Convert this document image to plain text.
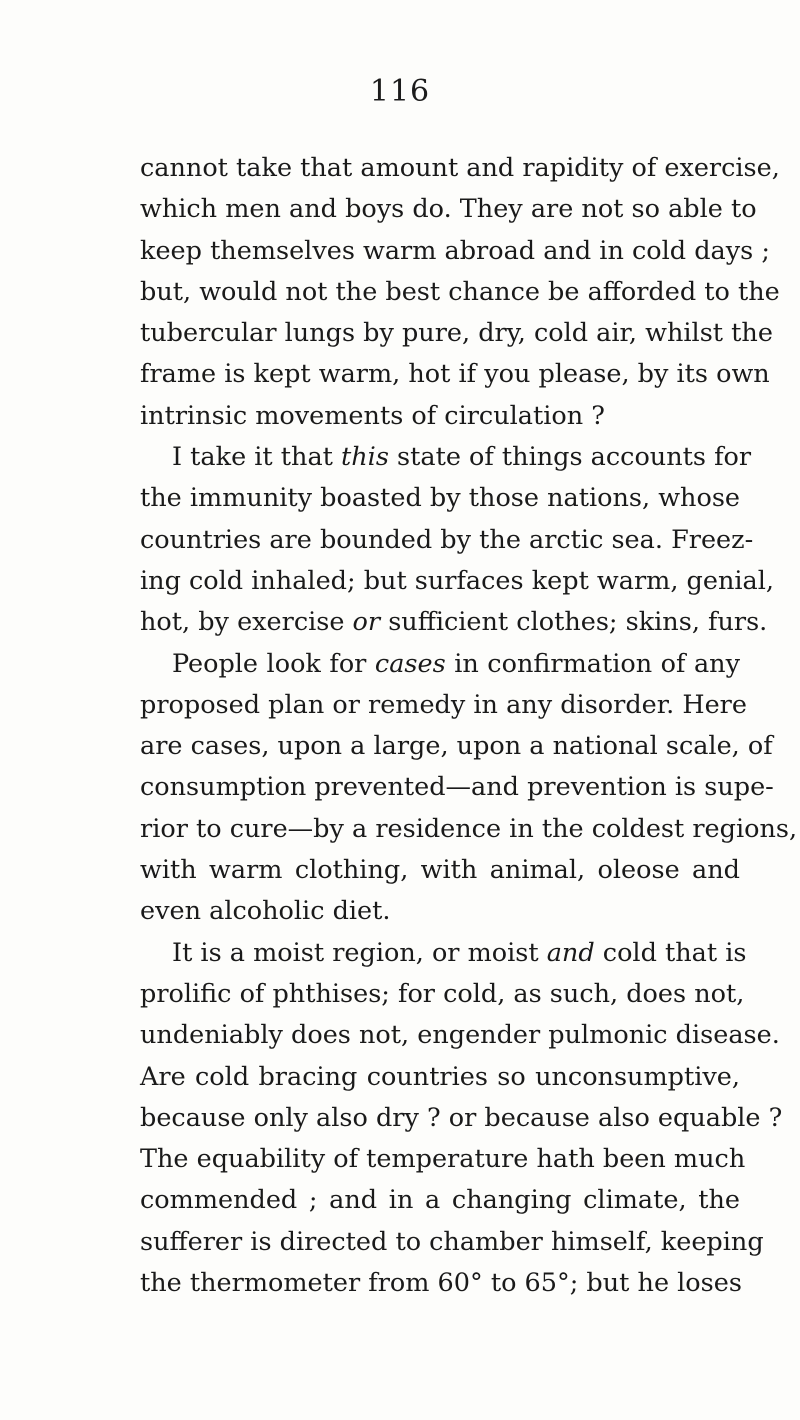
116
cannot take that amount and rapidity of exercise,
which men and boys do. They are not so able to
keep themselves warm abroad and in cold days ;
but, would not the best chance be afforded to the
tubercular lungs by pure, dry, cold air, whilst the
frame is kept warm, hot if you please, by its own
intrinsic movements of circulation ?
I take it that this state of things accounts for
the immunity boasted by those nations, whose
countries are bounded by the arctic sea. Freez-
ing cold inhaled; but surfaces kept warm, genial,
hot, by exercise or sufficient clothes; skins, furs.
People look for cases in confirmation of any
proposed plan or remedy in any disorder. Here
are cases, upon a large, upon a national scale, of
consumption prevented—and prevention is supe-
rior to cure—by a residence in the coldest regions,
with warm clothing, with animal, oleose and
even alcoholic diet.
It is a moist region, or moist and cold that is
prolific of phthises; for cold, as such, does not,
undeniably does not, engender pulmonic disease.
Are cold bracing countries so unconsumptive,
because only also dry ? or because also equable ?
The equability of temperature hath been much
commended ; and in a changing climate, the
sufferer is directed to chamber himself, keeping
the thermometer from 60° to 65°; but he loses
